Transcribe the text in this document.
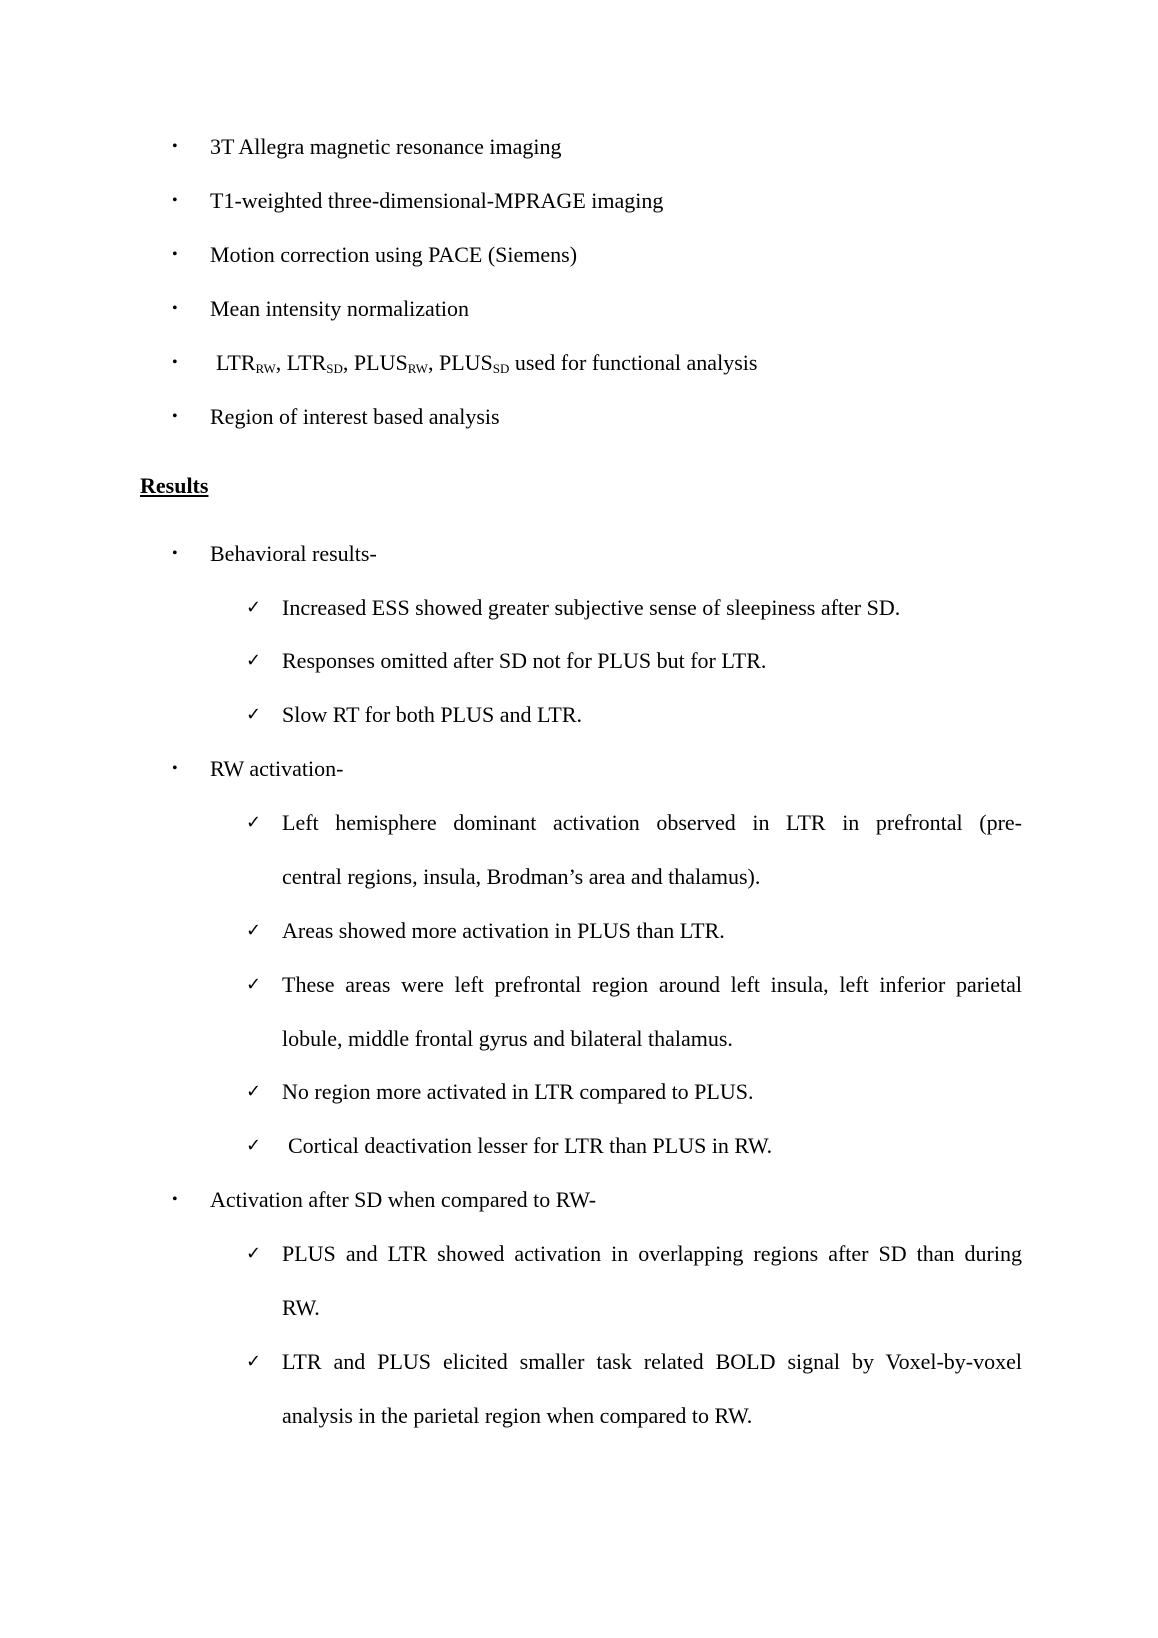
• 3T Allegra magnetic resonance imaging
• T1-weighted three-dimensional-MPRAGE imaging
• Motion correction using PACE (Siemens)
• Mean intensity normalization
• $LTR_{RW}$, $LTR_{SD}$, $PLUS_{RW}$, $PLUS_{SD}$ used for functional analysis
• Region of interest based analysis
Results
• Behavioral results-
✓ Increased ESS showed greater subjective sense of sleepiness after SD.
✓ Responses omitted after SD not for PLUS but for LTR.
✓ Slow RT for both PLUS and LTR.
• RW activation-
✓ Left hemisphere dominant activation observed in LTR in prefrontal (pre-
central regions, insula, Brodman’s area and thalamus).
✓ Areas showed more activation in PLUS than LTR.
✓ These areas were left prefrontal region around left insula, left inferior parietal
lobule, middle frontal gyrus and bilateral thalamus.
✓ No region more activated in LTR compared to PLUS.
✓ Cortical deactivation lesser for LTR than PLUS in RW.
• Activation after SD when compared to RW-
✓ PLUS and LTR showed activation in overlapping regions after SD than during
RW.
✓ LTR and PLUS elicited smaller task related BOLD signal by Voxel-by-voxel
analysis in the parietal region when compared to RW.
